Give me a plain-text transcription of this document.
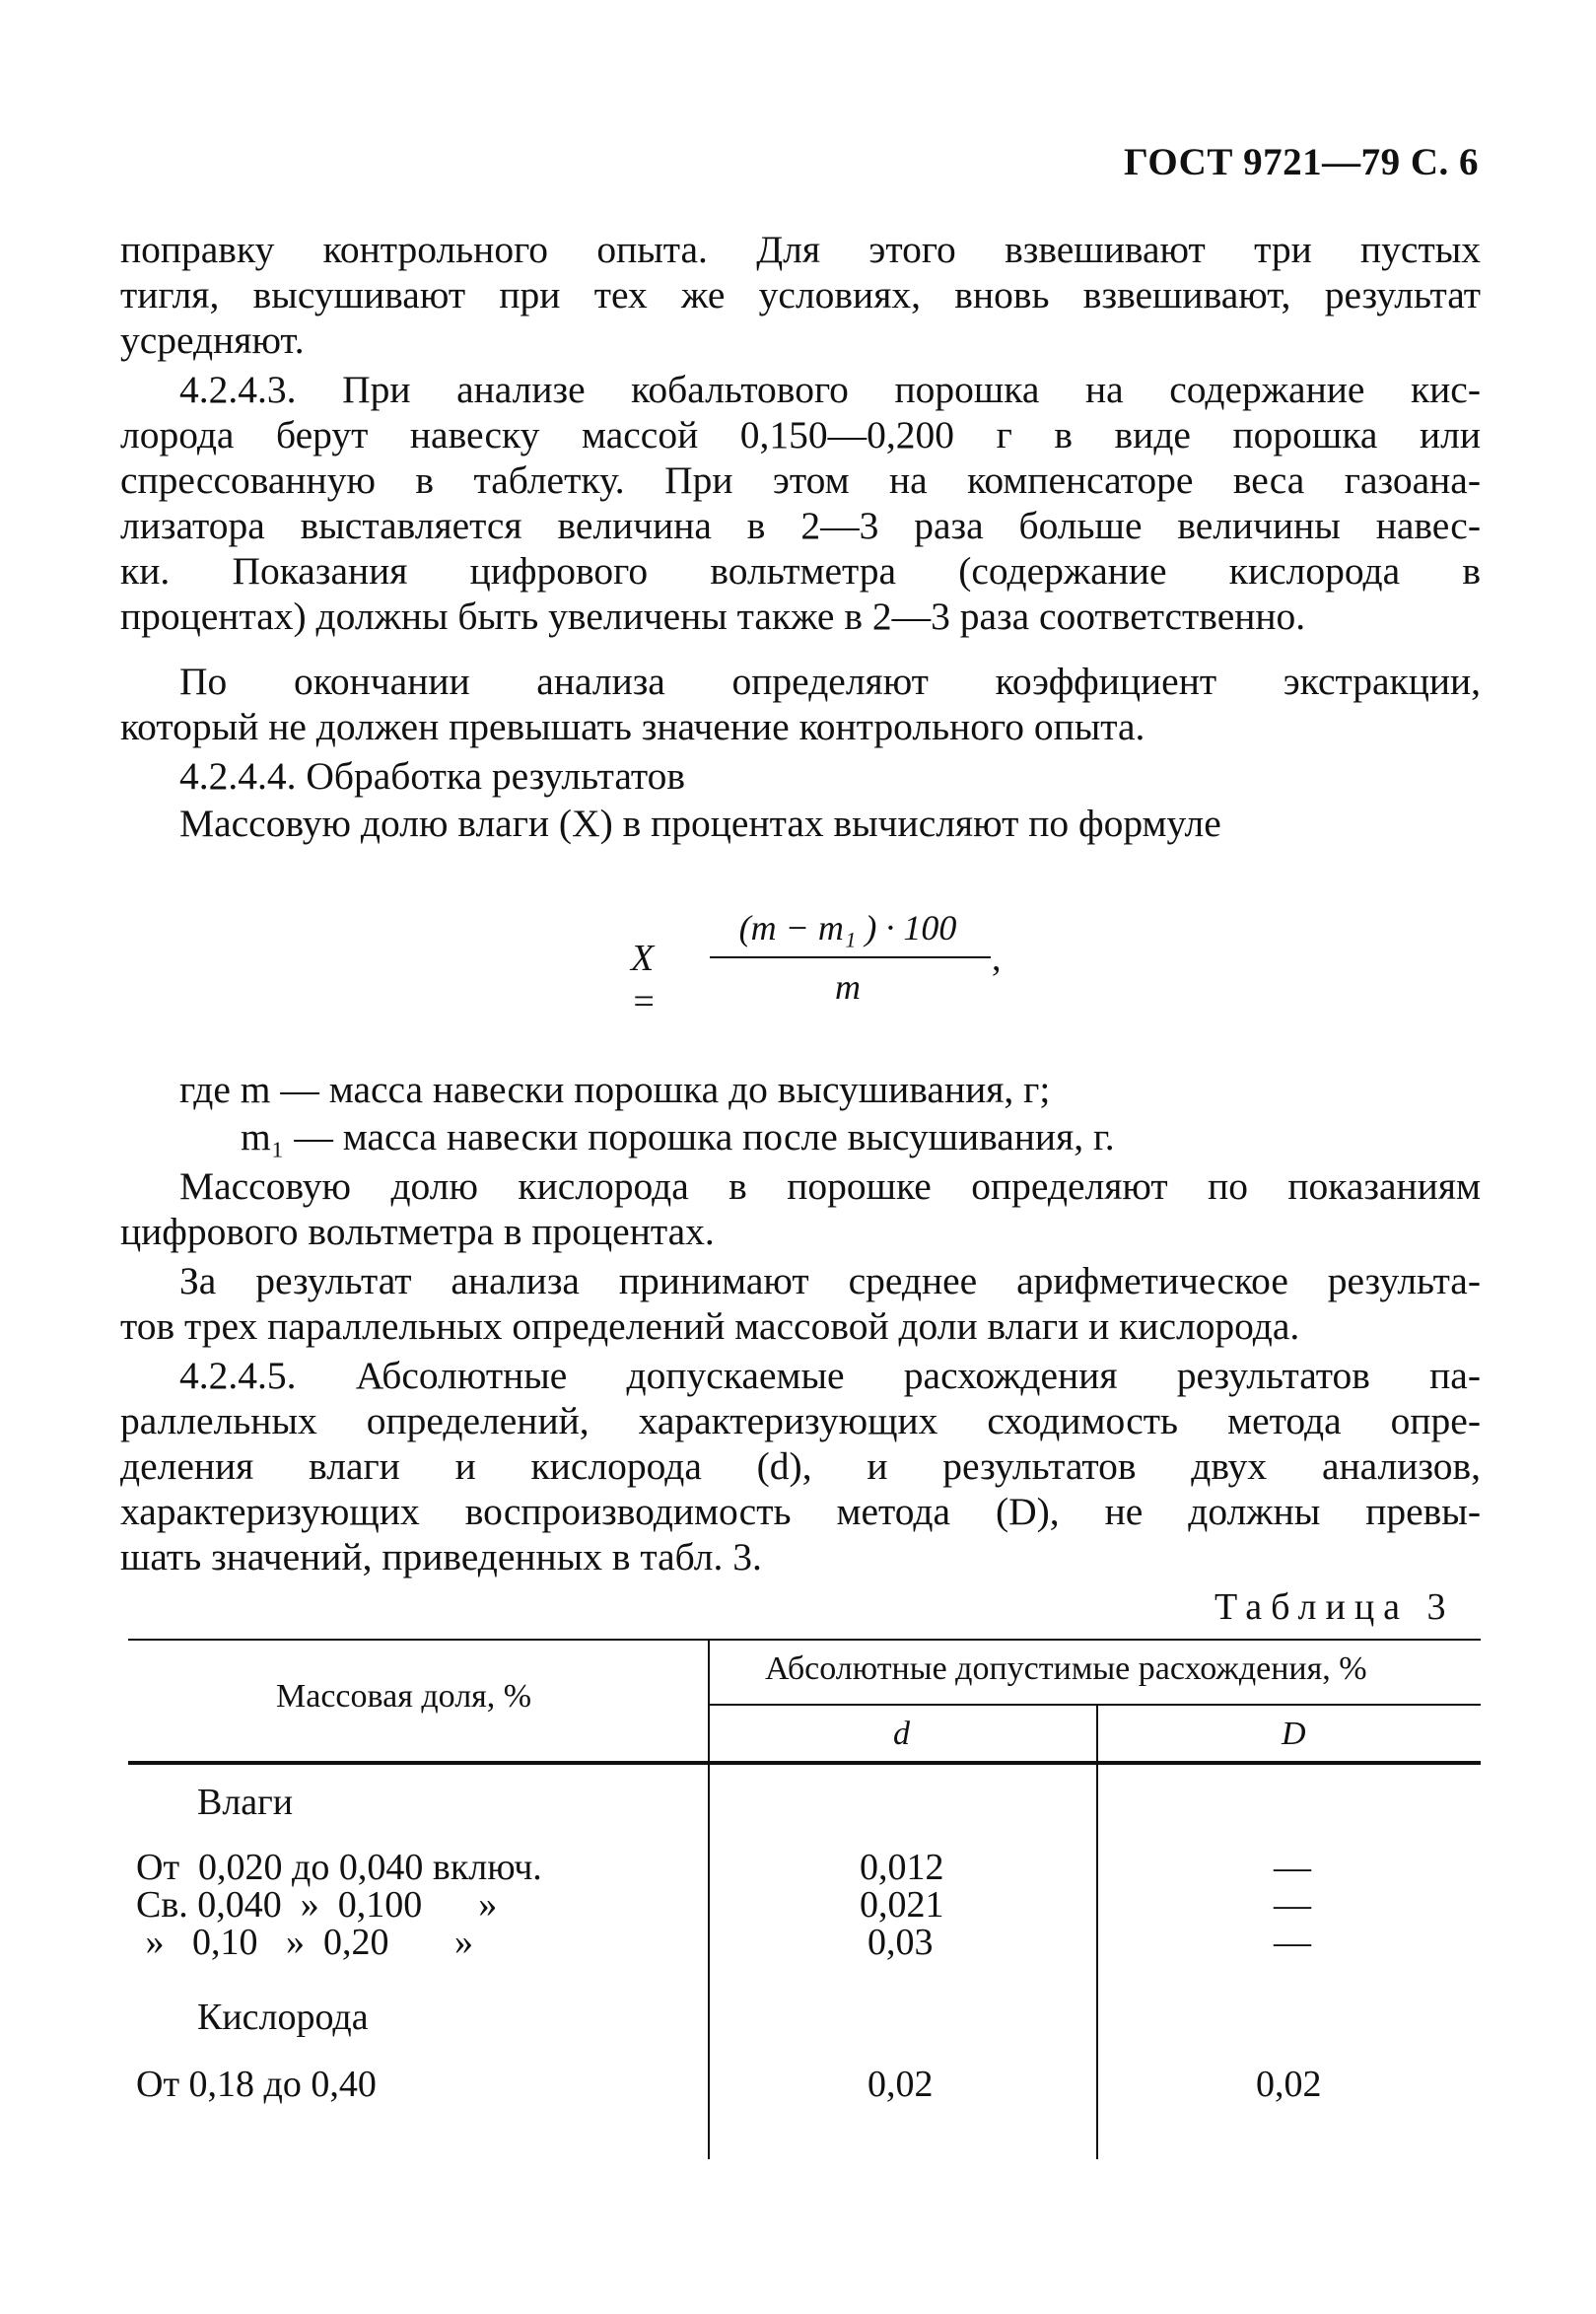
ГОСТ 9721—79 С. 6
поправку контрольного опыта. Для этого взвешивают три пустых
тигля, высушивают при тех же условиях, вновь взвешивают, результат
усредняют.
4.2.4.3. При анализе кобальтового порошка на содержание кис-
лорода берут навеску массой 0,150—0,200 г в виде порошка или
спрессованную в таблетку. При этом на компенсаторе веса газоана-
лизатора выставляется величина в 2—3 раза больше величины навес-
ки. Показания цифрового вольтметра (содержание кислорода в
процентах) должны быть увеличены также в 2—3 раза соответственно.
По окончании анализа определяют коэффициент экстракции,
который не должен превышать значение контрольного опыта.
4.2.4.4. Обработка результатов
Массовую долю влаги (X) в процентах вычисляют по формуле
X =
(m − m₁ ) · 100
m
,
где m — масса навески порошка до высушивания, г;
m₁ — масса навески порошка после высушивания, г.
Массовую долю кислорода в порошке определяют по показаниям
цифрового вольтметра в процентах.
За результат анализа принимают среднее арифметическое результа-
тов трех параллельных определений массовой доли влаги и кислорода.
4.2.4.5. Абсолютные допускаемые расхождения результатов па-
раллельных определений, характеризующих сходимость метода опре-
деления влаги и кислорода (d), и результатов двух анализов,
характеризующих воспроизводимость метода (D), не должны превы-
шать значений, приведенных в табл. 3.
Таблица 3
Массовая доля, %
Абсолютные допустимые расхождения, %
d	D
Влаги
От  0,020 до 0,040 включ.	0,012	—
Св. 0,040  »  0,100      »	0,021	—
»   0,10   »  0,20       »	0,03	—
Кислорода
От 0,18 до 0,40	0,02	0,02
